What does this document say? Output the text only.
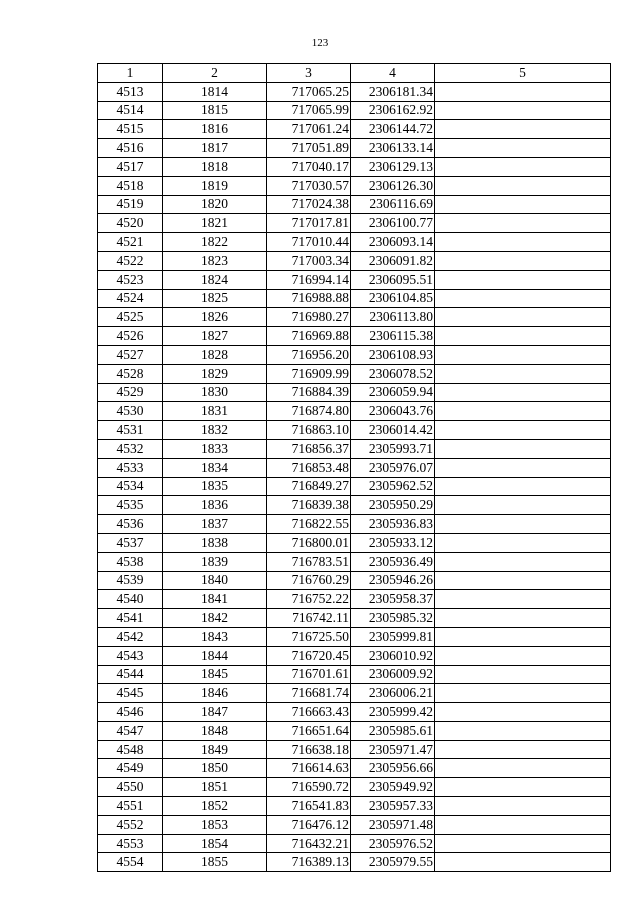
123
1	2	3	4	5
4513	1814	717065.25	2306181.34	
4514	1815	717065.99	2306162.92	
4515	1816	717061.24	2306144.72	
4516	1817	717051.89	2306133.14	
4517	1818	717040.17	2306129.13	
4518	1819	717030.57	2306126.30	
4519	1820	717024.38	2306116.69	
4520	1821	717017.81	2306100.77	
4521	1822	717010.44	2306093.14	
4522	1823	717003.34	2306091.82	
4523	1824	716994.14	2306095.51	
4524	1825	716988.88	2306104.85	
4525	1826	716980.27	2306113.80	
4526	1827	716969.88	2306115.38	
4527	1828	716956.20	2306108.93	
4528	1829	716909.99	2306078.52	
4529	1830	716884.39	2306059.94	
4530	1831	716874.80	2306043.76	
4531	1832	716863.10	2306014.42	
4532	1833	716856.37	2305993.71	
4533	1834	716853.48	2305976.07	
4534	1835	716849.27	2305962.52	
4535	1836	716839.38	2305950.29	
4536	1837	716822.55	2305936.83	
4537	1838	716800.01	2305933.12	
4538	1839	716783.51	2305936.49	
4539	1840	716760.29	2305946.26	
4540	1841	716752.22	2305958.37	
4541	1842	716742.11	2305985.32	
4542	1843	716725.50	2305999.81	
4543	1844	716720.45	2306010.92	
4544	1845	716701.61	2306009.92	
4545	1846	716681.74	2306006.21	
4546	1847	716663.43	2305999.42	
4547	1848	716651.64	2305985.61	
4548	1849	716638.18	2305971.47	
4549	1850	716614.63	2305956.66	
4550	1851	716590.72	2305949.92	
4551	1852	716541.83	2305957.33	
4552	1853	716476.12	2305971.48	
4553	1854	716432.21	2305976.52	
4554	1855	716389.13	2305979.55	
